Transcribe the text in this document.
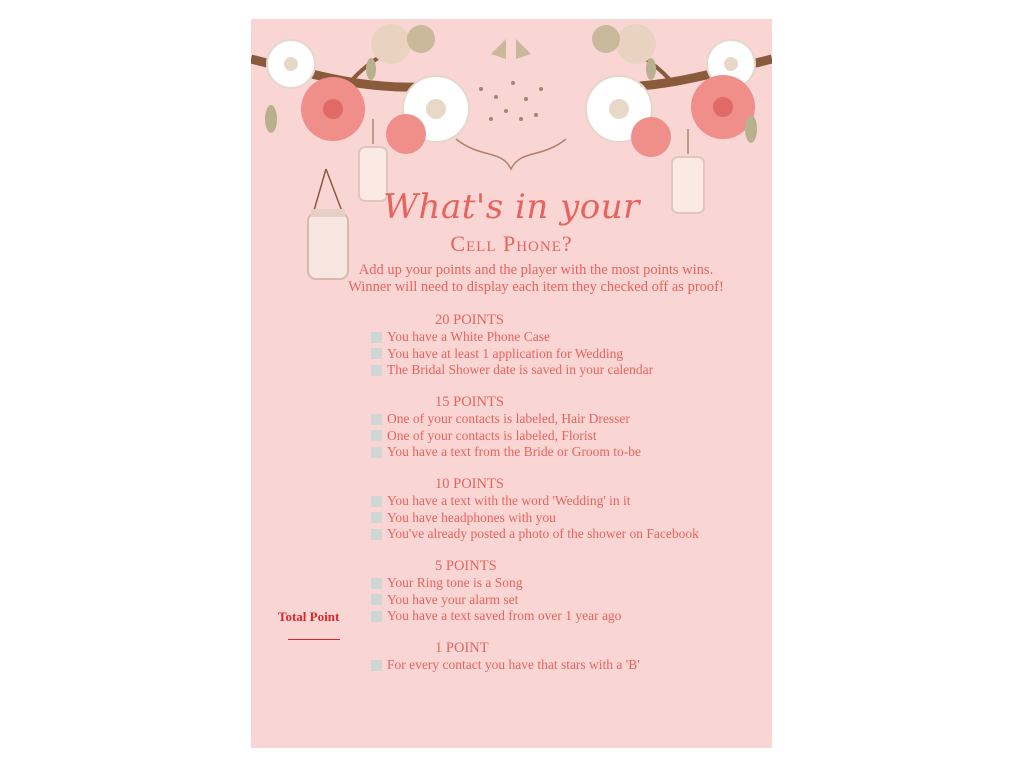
What's in your
Cell Phone?
Add up your points and the player with the most points wins.
Winner will need to display each item they checked off as proof!
20 POINTS
You have a White Phone Case
You have at least 1 application for Wedding
The Bridal Shower date is saved in your calendar
15 POINTS
One of your contacts is labeled, Hair Dresser
One of your contacts is labeled, Florist
You have a text from the Bride or Groom to-be
10 POINTS
You have a text with the word 'Wedding' in it
You have headphones with you
You've already posted a photo of the shower on Facebook
5 POINTS
Your Ring tone is a Song
You have your alarm set
You have a text saved from over 1 year ago
1 POINT
For every contact you have that stars with a 'B'
Total Point
